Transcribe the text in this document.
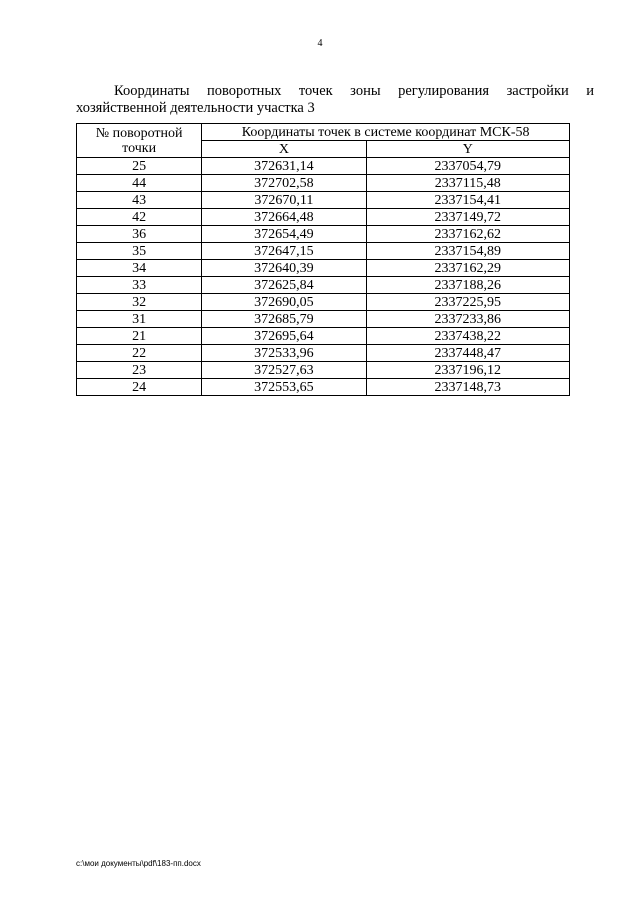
4
Координаты поворотных точек зоны регулирования застройки и
хозяйственной деятельности участка 3
№ поворотной
точки	Координаты точек в системе координат МСК-58	
	X	Y
25	372631,14	2337054,79
44	372702,58	2337115,48
43	372670,11	2337154,41
42	372664,48	2337149,72
36	372654,49	2337162,62
35	372647,15	2337154,89
34	372640,39	2337162,29
33	372625,84	2337188,26
32	372690,05	2337225,95
31	372685,79	2337233,86
21	372695,64	2337438,22
22	372533,96	2337448,47
23	372527,63	2337196,12
24	372553,65	2337148,73
c:\мои документы\pdf\183-пп.docx
